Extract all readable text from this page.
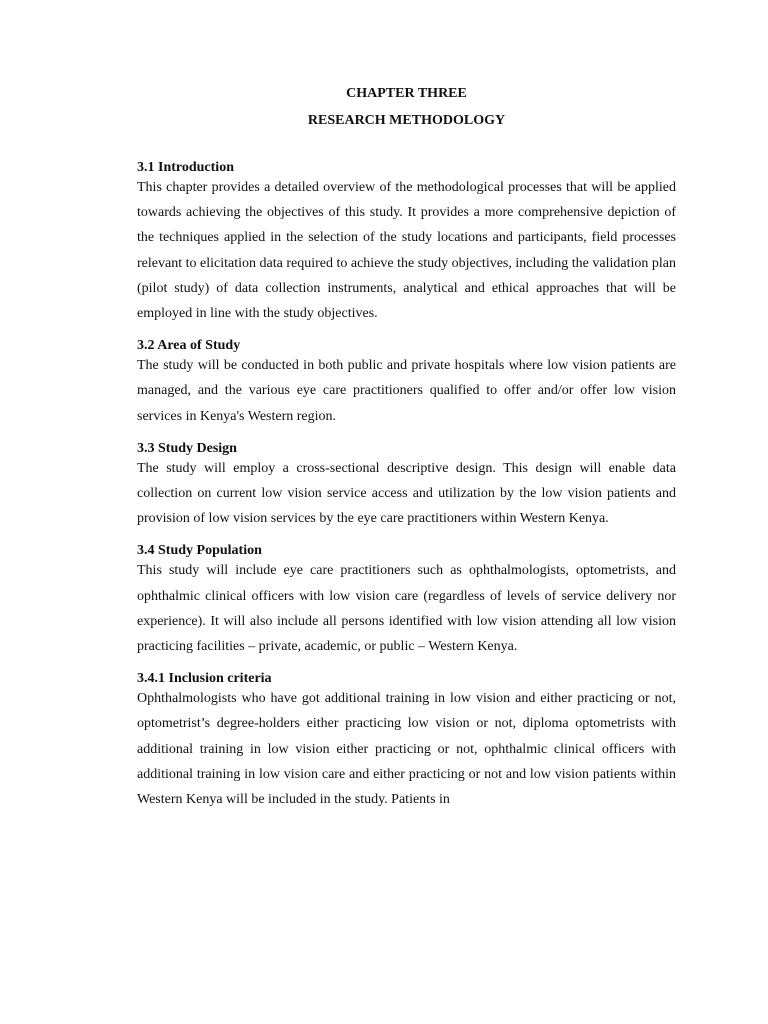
CHAPTER THREE

RESEARCH METHODOLOGY

3.1 Introduction

This chapter provides a detailed overview of the methodological processes that will be applied towards achieving the objectives of this study. It provides a more comprehensive depiction of the techniques applied in the selection of the study locations and participants, field processes relevant to elicitation data required to achieve the study objectives, including the validation plan (pilot study) of data collection instruments, analytical and ethical approaches that will be employed in line with the study objectives.

3.2 Area of Study

The study will be conducted in both public and private hospitals where low vision patients are managed, and the various eye care practitioners qualified to offer and/or offer low vision services in Kenya's Western region.

3.3 Study Design

The study will employ a cross-sectional descriptive design. This design will enable data collection on current low vision service access and utilization by the low vision patients and provision of low vision services by the eye care practitioners within Western Kenya.

3.4 Study Population

This study will include eye care practitioners such as ophthalmologists, optometrists, and ophthalmic clinical officers with low vision care (regardless of levels of service delivery nor experience). It will also include all persons identified with low vision attending all low vision practicing facilities – private, academic, or public – Western Kenya.

3.4.1 Inclusion criteria

Ophthalmologists who have got additional training in low vision and either practicing or not, optometrist’s degree-holders either practicing low vision or not, diploma optometrists with additional training in low vision either practicing or not, ophthalmic clinical officers with additional training in low vision care and either practicing or not and low vision patients within Western Kenya will be included in the study. Patients in
